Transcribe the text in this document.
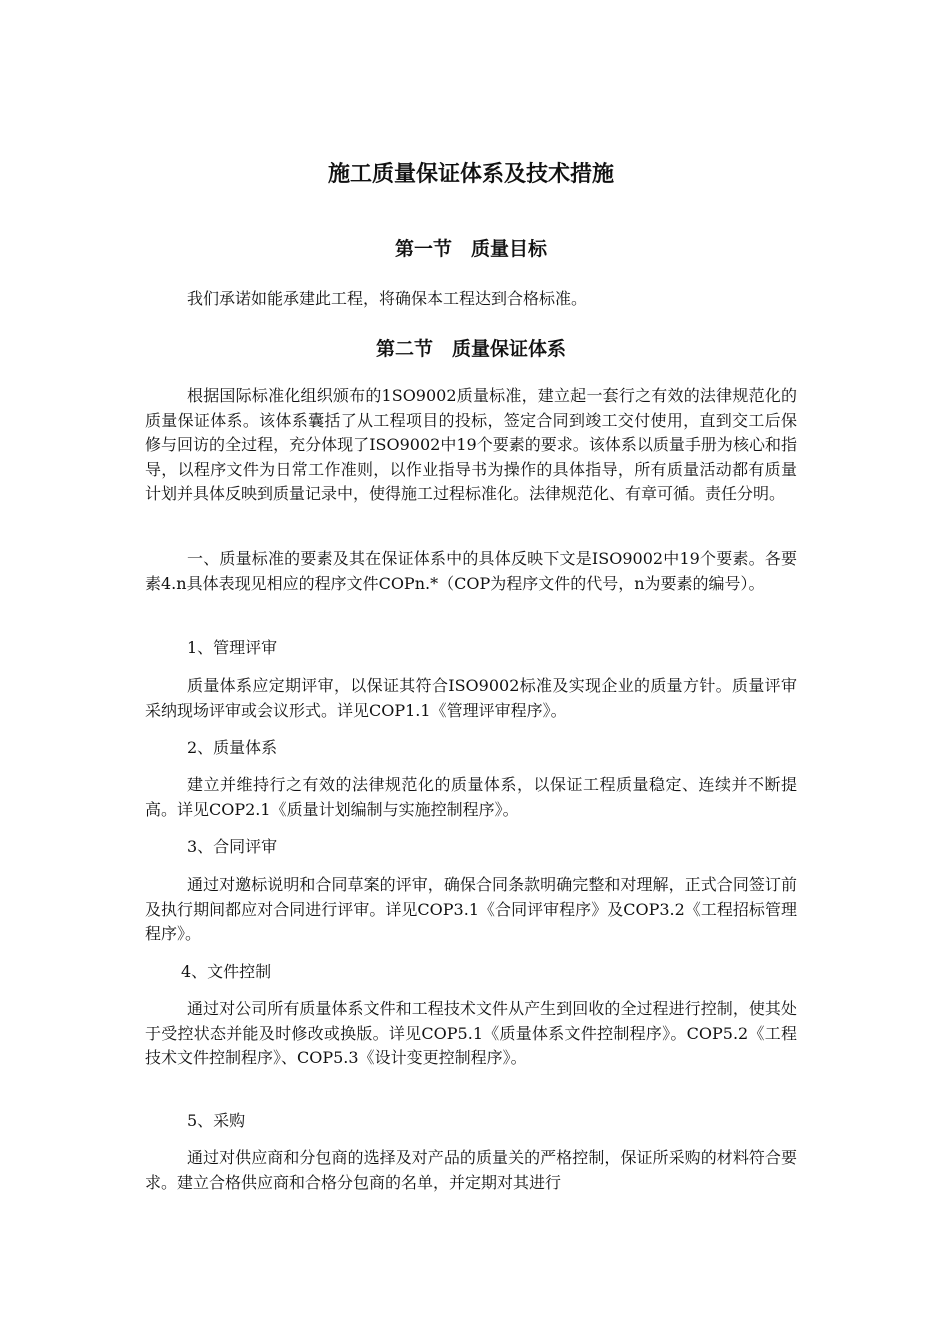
施工质量保证体系及技术措施
第一节　质量目标

我们承诺如能承建此工程，将确保本工程达到合格标准。

第二节　质量保证体系

根据国际标准化组织颁布的1SO9002质量标准，建立起一套行之有效的法律规范化的质量保证体系。该体系囊括了从工程项目的投标，签定合同到竣工交付使用，直到交工后保修与回访的全过程，充分体现了ISO9002中19个要素的要求。该体系以质量手册为核心和指导，以程序文件为日常工作准则，以作业指导书为操作的具体指导，所有质量活动都有质量计划并具体反映到质量记录中，使得施工过程标准化。法律规范化、有章可循。责任分明。

一、质量标准的要素及其在保证体系中的具体反映下文是ISO9002中19个要素。各要素4.n具体表现见相应的程序文件COPn.*（COP为程序文件的代号，n为要素的编号）。

1、管理评审

质量体系应定期评审，以保证其符合ISO9002标准及实现企业的质量方针。质量评审采纳现场评审或会议形式。详见COP1.1《管理评审程序》。

2、质量体系

建立并维持行之有效的法律规范化的质量体系，以保证工程质量稳定、连续并不断提高。详见COP2.1《质量计划编制与实施控制程序》。

3、合同评审

通过对邀标说明和合同草案的评审，确保合同条款明确完整和对理解，正式合同签订前及执行期间都应对合同进行评审。详见COP3.1《合同评审程序》及COP3.2《工程招标管理程序》。

4、文件控制

通过对公司所有质量体系文件和工程技术文件从产生到回收的全过程进行控制，使其处于受控状态并能及时修改或换版。详见COP5.1《质量体系文件控制程序》。COP5.2《工程技术文件控制程序》、COP5.3《设计变更控制程序》。

5、采购

通过对供应商和分包商的选择及对产品的质量关的严格控制，保证所采购的材料符合要求。建立合格供应商和合格分包商的名单，并定期对其进行
